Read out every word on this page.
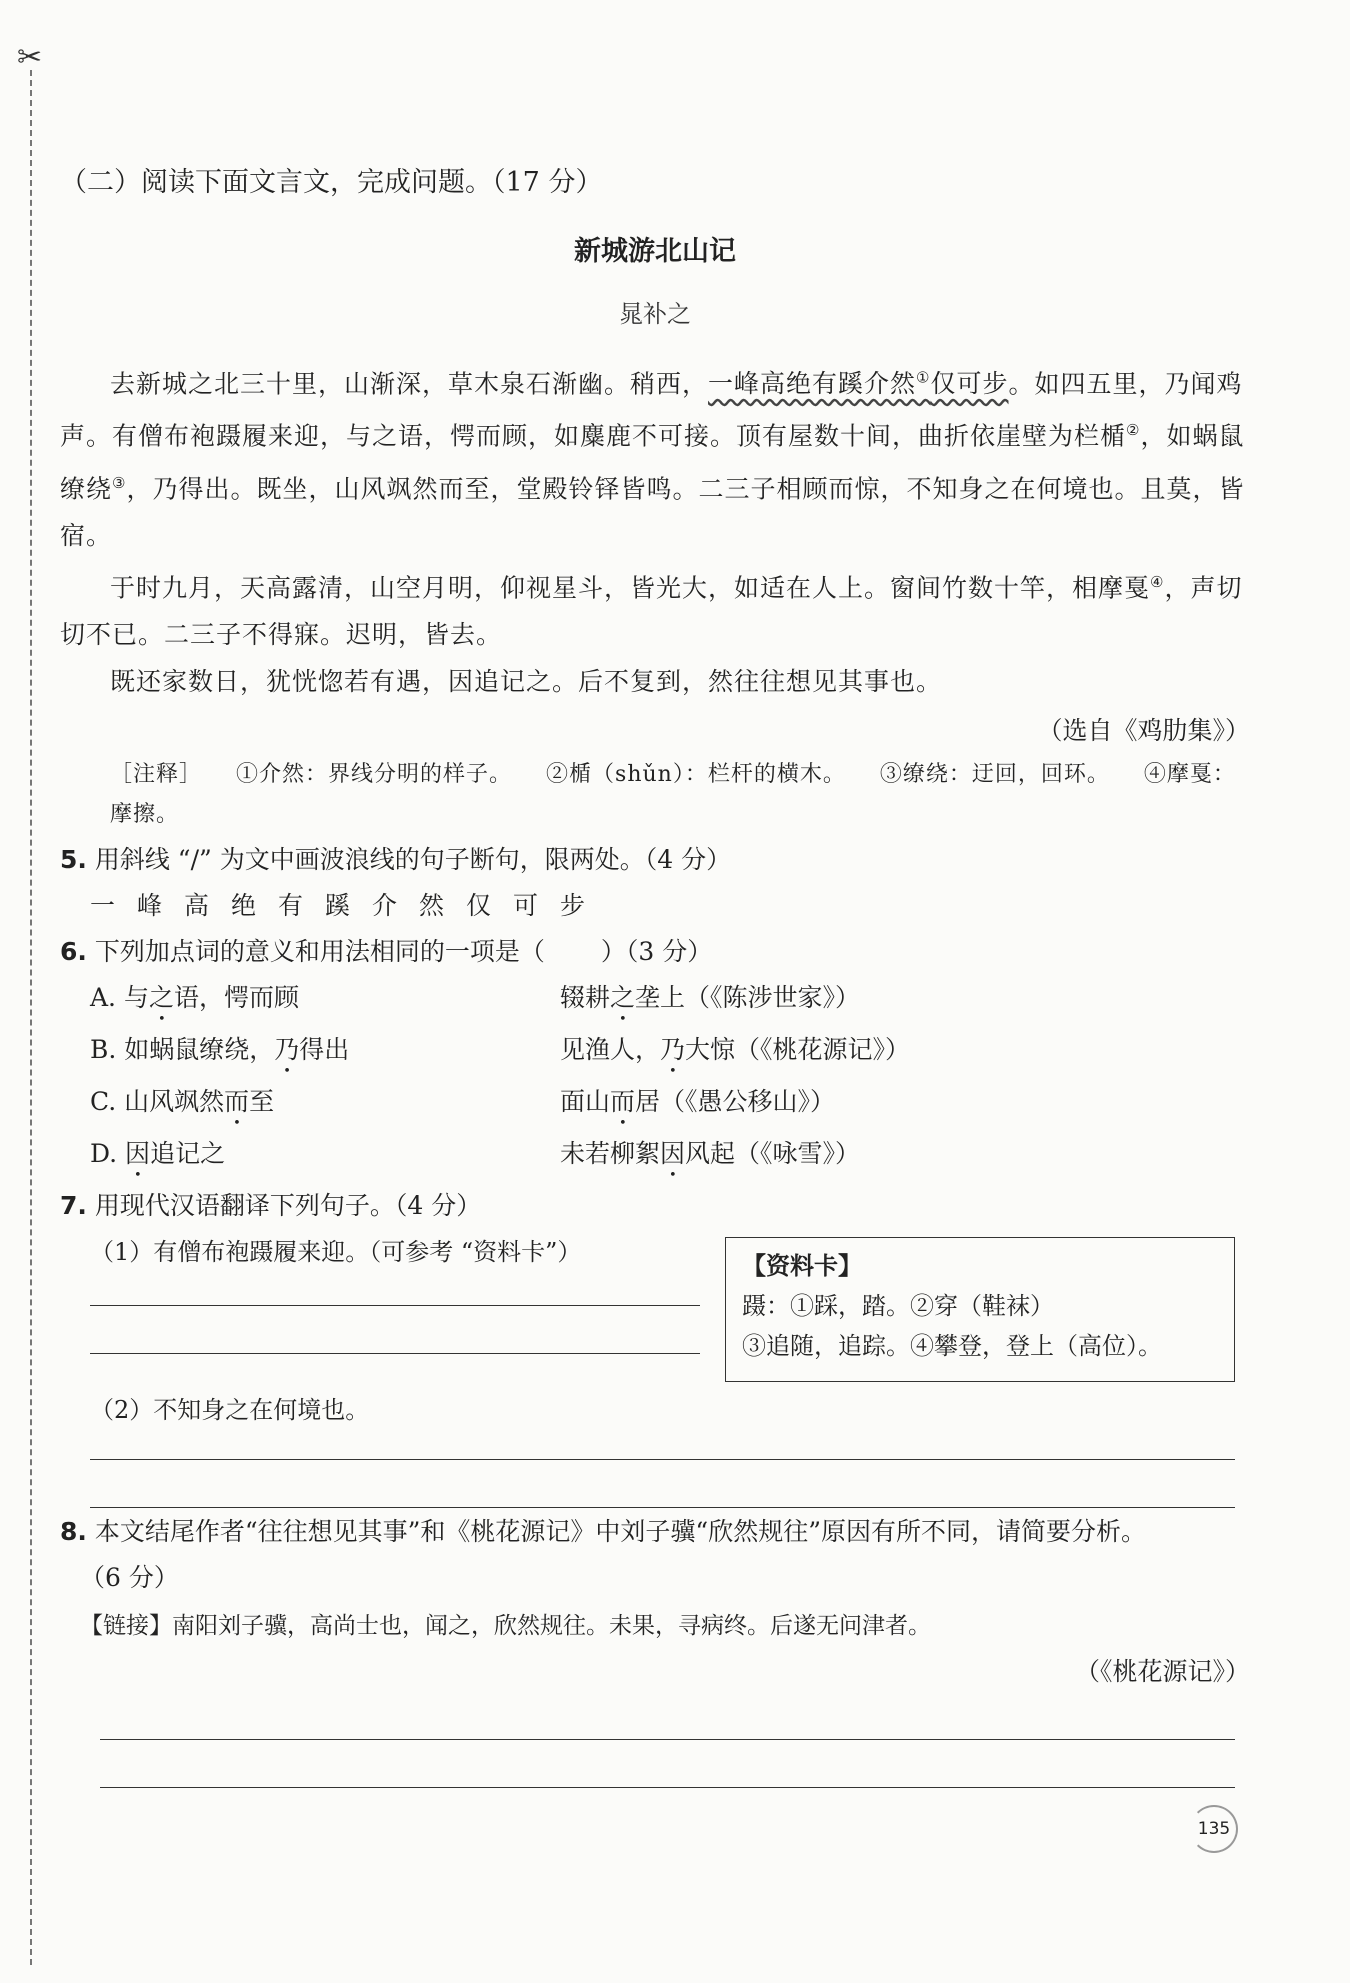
✂

（二）阅读下面文言文，完成问题。（17 分）

新城游北山记

晁补之

去新城之北三十里，山渐深，草木泉石渐幽。稍西，一峰高绝有蹊介然①仅可步。如四五里，乃闻鸡声。有僧布袍蹑履来迎，与之语，愕而顾，如麋鹿不可接。顶有屋数十间，曲折依崖壁为栏楯②，如蜗鼠缭绕③，乃得出。既坐，山风飒然而至，堂殿铃铎皆鸣。二三子相顾而惊，不知身之在何境也。且莫，皆宿。

于时九月，天高露清，山空月明，仰视星斗，皆光大，如适在人上。窗间竹数十竿，相摩戛④，声切切不已。二三子不得寐。迟明，皆去。

既还家数日，犹恍惚若有遇，因追记之。后不复到，然往往想见其事也。

（选自《鸡肋集》）

［注释］ ①介然：界线分明的样子。 ②楯（shǔn）：栏杆的横木。 ③缭绕：迂回，回环。 ④摩戛：摩擦。

5. 用斜线 “/” 为文中画波浪线的句子断句，限两处。（4 分）

一峰高绝有蹊介然仅可步

6. 下列加点词的意义和用法相同的一项是（ ）（3 分）

A. 与之语，愕而顾	辍耕之垄上（《陈涉世家》）
B. 如蜗鼠缭绕，乃得出	见渔人，乃大惊（《桃花源记》）
C. 山风飒然而至	面山而居（《愚公移山》）
D. 因追记之	未若柳絮因风起（《咏雪》）

7. 用现代汉语翻译下列句子。（4 分）

（1）有僧布袍蹑履来迎。（可参考 “资料卡”）	【资料卡】
蹑：①踩，踏。②穿（鞋袜）
③追随，追踪。④攀登，登上（高位）。
（2）不知身之在何境也。

8. 本文结尾作者“往往想见其事”和《桃花源记》中刘子骥“欣然规往”原因有所不同，请简要分析。

（6 分）

【链接】南阳刘子骥，高尚士也，闻之，欣然规往。未果，寻病终。后遂无问津者。

（《桃花源记》）

135
